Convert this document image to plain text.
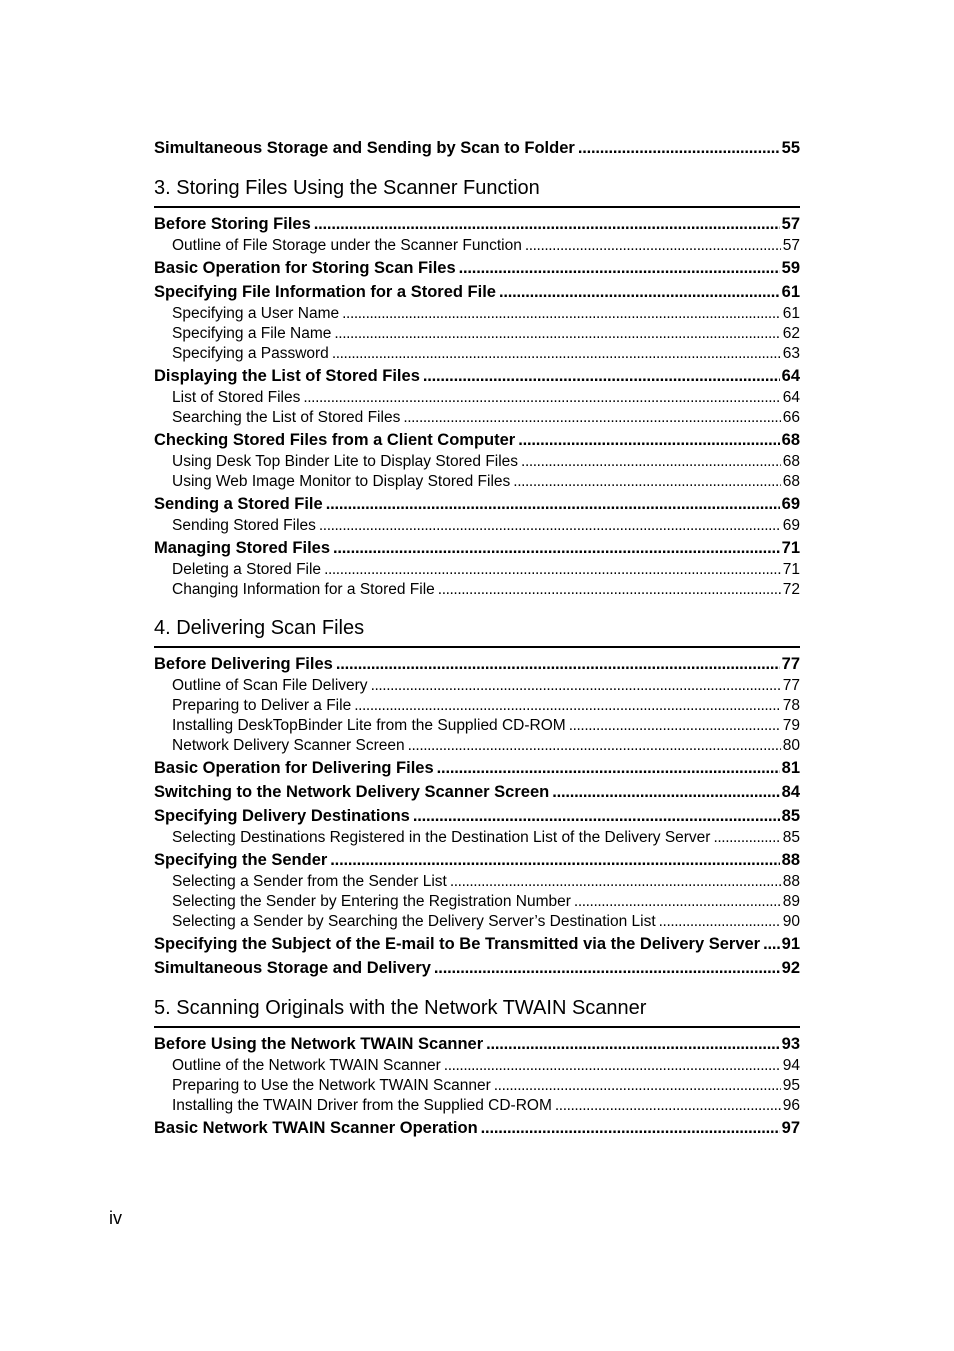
Simultaneous Storage and Sending by Scan to Folder .....	55
3. Storing Files Using the Scanner Function
Before Storing Files .....	57
Outline of File Storage under the Scanner Function .....	57
Basic Operation for Storing Scan Files .....	59
Specifying File Information for a Stored File .....	61
Specifying a User Name .....	61
Specifying a File Name .....	62
Specifying a Password .....	63
Displaying the List of Stored Files .....	64
List of Stored Files .....	64
Searching the List of Stored Files .....	66
Checking Stored Files from a Client Computer .....	68
Using Desk Top Binder Lite to Display Stored Files .....	68
Using Web Image Monitor to Display Stored Files .....	68
Sending a Stored File .....	69
Sending Stored Files .....	69
Managing Stored Files .....	71
Deleting a Stored File .....	71
Changing Information for a Stored File .....	72
4. Delivering Scan Files
Before Delivering Files .....	77
Outline of Scan File Delivery .....	77
Preparing to Deliver a File .....	78
Installing DeskTopBinder Lite from the Supplied CD-ROM .....	79
Network Delivery Scanner Screen .....	80
Basic Operation for Delivering Files .....	81
Switching to the Network Delivery Scanner Screen .....	84
Specifying Delivery Destinations .....	85
Selecting Destinations Registered in the Destination List of the Delivery Server .....	85
Specifying the Sender .....	88
Selecting a Sender from the Sender List .....	88
Selecting the Sender by Entering the Registration Number .....	89
Selecting a Sender by Searching the Delivery Server’s Destination List .....	90
Specifying the Subject of the E-mail to Be Transmitted via the Delivery Server ..... 91
Simultaneous Storage and Delivery .....	92
5. Scanning Originals with the Network TWAIN Scanner
Before Using the Network TWAIN Scanner .....	93
Outline of the Network TWAIN Scanner .....	94
Preparing to Use the Network TWAIN Scanner .....	95
Installing the TWAIN Driver from the Supplied CD-ROM .....	96
Basic Network TWAIN Scanner Operation .....	97
iv
